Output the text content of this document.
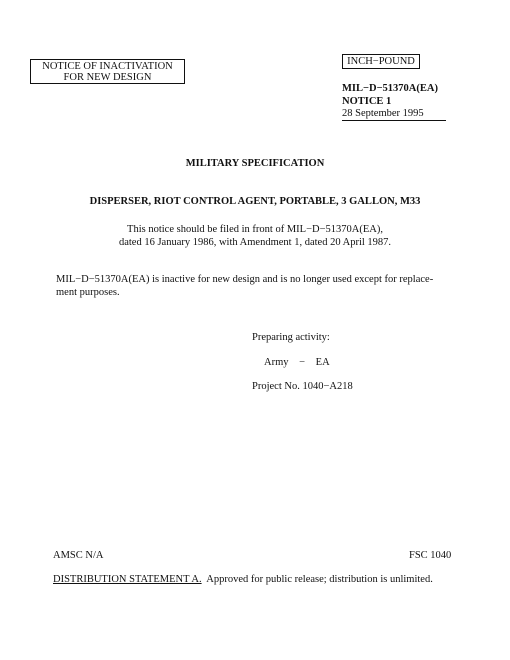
NOTICE OF INACTIVATION
FOR NEW DESIGN
INCH−POUND
MIL−D−51370A(EA)
NOTICE 1
28 September 1995
MILITARY SPECIFICATION
DISPERSER, RIOT CONTROL AGENT, PORTABLE, 3 GALLON, M33
This notice should be filed in front of MIL−D−51370A(EA),
dated 16 January 1986, with Amendment 1, dated 20 April 1987.
MIL−D−51370A(EA) is inactive for new design and is no longer used except for replace-ment purposes.
Preparing activity:
Army − EA
Project No. 1040−A218
AMSC N/A	FSC 1040
DISTRIBUTION STATEMENT A.  Approved for public release; distribution is unlimited.
